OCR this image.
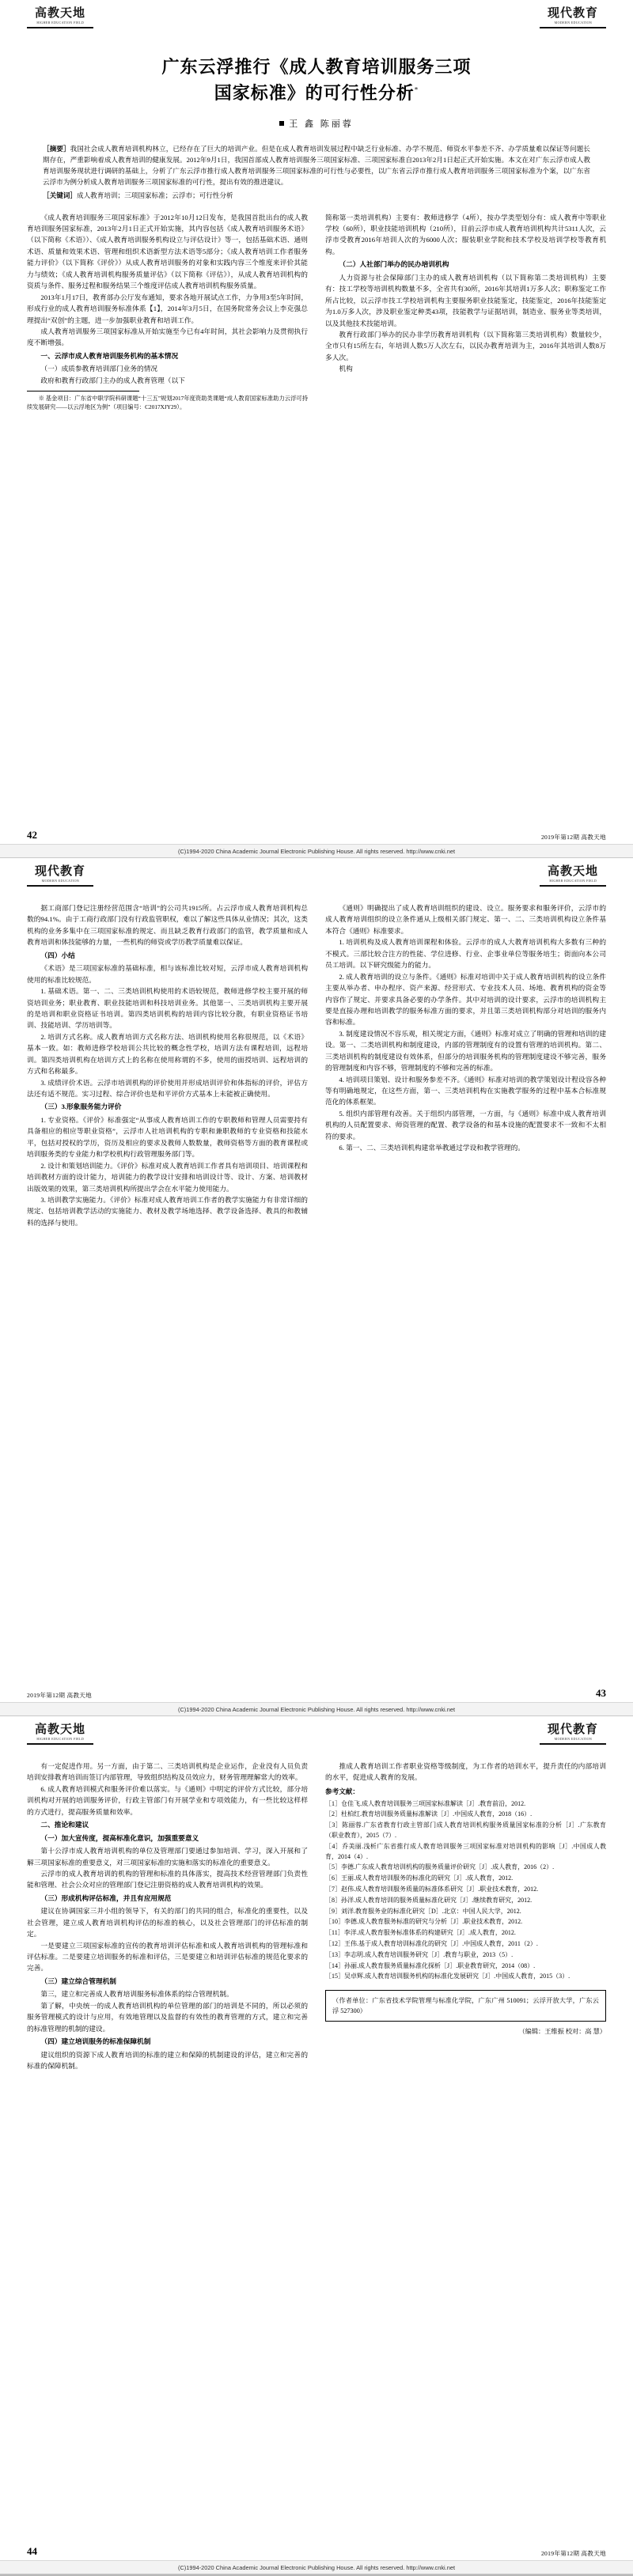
高教天地
HIGHER EDUCATION FIELD
现代教育
MODERN EDUCATION
广东云浮推行《成人教育培训服务三项
国家标准》的可行性分析*
王 鑫 陈丽蓉

［摘要］我国社会成人教育培训机构林立，已经存在了巨大的培训产业。但是在成人教育培训发展过程中缺乏行业标准、办学不规范、师资水平参差不齐、办学质量难以保证等问题长期存在，严重影响着成人教育培训的健康发展。2012年9月1日，我国首部成人教育培训服务三项国家标准、三项国家标准自2013年2月1日起正式开始实施。本文在对广东云浮市成人教育培训服务现状进行调研的基础上，分析了广东云浮市推行成人教育培训服务三项国家标准的可行性与必要性，以广东省云浮市推行成人教育培训服务三项国家标准为个案，以广东省云浮市为例分析成人教育培训服务三项国家标准的可行性，提出有效的推进建议。

［关键词］成人教育培训；三项国家标准；云浮市；可行性分析

《成人教育培训服务三项国家标准》于2012年10月12日发布，是我国首批出台的成人教育培训服务国家标准，2013年2月1日正式开始实施，其内容包括《成人教育培训服务术语》（以下简称《术语》）、《成人教育培训服务机构设立与评估设计》等一，包括基础术语、通则术语、质量和效果术语、管理和组织术语新型方法术语等5部分；《成人教育培训工作者服务能力评价》（以下简称《评价》）从成人教育培训服务的对象和实践内容三个维度来评价其能力与绩效；《成人教育培训机构服务质量评估》（以下简称《评估》），从成人教育培训机构的资质与条件、服务过程和服务结果三个维度评估成人教育培训机构服务质量。

2013年1月17日，教育部办公厅发布通知，要求各地开展试点工作，力争用3至5年时间，形成行业的成人教育培训服务标准体系【1】，2014年3月5日，在国务院常务会议上李克强总理提出“双创”的主题，进一步加强职业教育和培训工作。

成人教育培训服务三项国家标准从开始实施至今已有4年时间，其社会影响力及贯彻执行度不断增强。

一、云浮市成人教育培训服务机构的基本情况

（一）成质参教育培训部门业务的情况

政府和教育行政部门主办的成人教育管理（以下

※ 基金项目：广东省中职学院科研课题“十三五”规划2017年度资助类课题“成人教育国家标准助力云浮可持续发展研究——以云浮地区为例”（项目编号：C2017XJY29）。

简称第一类培训机构）主要有：教师进修学（4所），按办学类型划分有：成人教育中等职业学校（60所），职业技能培训机构（210所），目前云浮市成人教育培训机构共计5311人次，云浮市受教育2016年培训人次的为6000人次；服装职业学院和技术学校及培训学校等教育机构。

（二）人社部门举办的民办培训机构

人力资源与社会保障部门主办的成人教育培训机构（以下简称第二类培训机构）主要有：技工学校等培训机构数量不多，全省共有30所，2016年其培训1万多人次；职称鉴定工作所占比较，以云浮市技工学校培训机构主要服务职业技能鉴定，技能鉴定，2016年技能鉴定为1.0万多人次，涉及职业鉴定种类43项，技能教学与证据培训，制造业、服务业等类培训，以及其他技术技能培训。

教育行政部门举办的民办非学历教育培训机构（以下简称第三类培训机构）数量较少，全市只有15所左右，年培训人数5万人次左右，以民办教育培训为主，2016年其培训人数8万多人次。

机构

42	2019年第12期 高教天地
(C)1994-2020 China Academic Journal Electronic Publishing House. All rights reserved. http://www.cnki.net
现代教育
MODERN EDUCATION
高教天地
HIGHER EDUCATION FIELD

据工商部门登记注册经营范围含“培训”的公司共1915所。占云浮市成人教育培训机构总数的94.1%。由于工商行政部门没有行政监管职权，难以了解这些具体从业情况；其次，这类机构的业务多集中在三项国家标准的规定、而且缺乏教育行政部门的监管，教学质量和成人教育培训和体技能够的力量，一些机构的师资或学历教学质量难以保证。

（四）小结

《术语》是三项国家标准的基础标准，相与该标准比较对短，云浮市成人教育培训机构使用的标准比较规范。

1. 基础术语。第一、二、三类培训机构使用的术语较规范，教师进修学校主要开展的师资培训业务；职业教育、职业技能培训和科技培训业务。其他第一、三类培训机构主要开展的是培训和职业资格证书培训。第四类培训机构的培训内容比较分散，有职业资格证书培训、技能培训、学历培训等。

2. 培训方式名称。成人教育培训方式名称方法、培训机构使用名称很规范，以《术语》基本一致。如：教师进修学校培训公共比较的概念性学校，培训方法有课程培训，远程培训。第四类培训机构在培训方式上的名称在使用称谓的不多，使用的面授培训、远程培训的方式和名称最多。

3. 成绩评价术语。云浮市培训机构的评价使用并形成培训评价和体指标的评价，评估方法还有适不规范。实习过程、综合评价也是和平评价方式基本上未能被正确使用。

（三）3.形象服务能力评价

1. 专业资格。《评价》标准强定“从事成人教育培训工作的专职教师和管理人员需要持有具备相应的相应等职业资格”，云浮市人社培训机构的专职和兼职教师的专业资格和技能水平，包括对授权的学历，资历及相应的要求及教师人数数量，教师资格等方面的教育课程或培训服务类的专业能力和学校机构行政管理服务部门等。

2. 设计和策划培训能力。《评价》标准对成人教育培训工作者具有培训项目、培训课程和培训教材方面的设计能力，培训能力的教学设计安排和培训设计等、设计、方案、培训教材出版效果的效果，第三类培训机构所提出学会在水平能力使用能力。

3. 培训教学实施能力。《评价》标准对成人教育培训工作者的教学实施能力有非常详细的规定、包括培训教学活动的实施能力、教材及教学场地选择、教学设备选择、教具的和教辅料的选择与使用。

《通则》明确提出了成人教育培训组织的建设、设立。服务要求和服务评价，云浮市的成人教育培训组织的设立条件通从上级相关部门规定、第一、二、三类培训机构设立条件基本符合《通则》标准要求。

1. 培训机构及成人教育培训课程和体验。云浮市的成人大教育培训机构大多数有三种的不模式。三部比较合注方的性能、学位进修、行业、企事业单位等服务培生；街面向本公司员工培训。以下研究级能力的能力。

2. 成人教育培训的设立与条件。《通则》标准对培训中关于成人教育培训机构的设立条件主要从举办者、申办程序、资产来源、经营形式、专业技术人员、场地、教育机构的资金等内容作了规定、并要求具备必要的办学条件。其中对培训的设计要求，云浮市的培训机构主要是直接办理和培训教学的服务标准方面的要求，并且第三类培训机构部分对培训的服务内容和标准。

3. 制度建设情况不容乐观，相关规定方面，《通则》标准对成立了明确的管理和培训的建设。第一、二类培训机构和制度建设，内部的管理制度有的设置有管理的培训机构。第二、三类培训机构的制度建设有效体系，但部分的培训服务机构的管理制度建设不够完善，服务的管理制度和内容不够，管理制度的不够和完善的标准。

4. 培训项目策划、设计和服务参差不齐。《通则》标准对培训的教学策划设计程设容各种等有明确地规定，在这些方面，第一、三类培训机构在实施教学服务的过程中基本合标准规范化的体系框架。

5. 组织内部管理有改善。关于组织内部管理，一方面，与《通则》标准中成人教育培训机构的人员配置要求、师资管理的配置、教学设备的和基本设施的配置要求不一致和不太相符的要求。

6. 第一、二、三类培训机构建常举教通过学设和教学管理的。

2019年第12期 高教天地	43
(C)1994-2020 China Academic Journal Electronic Publishing House. All rights reserved. http://www.cnki.net
高教天地
HIGHER EDUCATION FIELD
现代教育
MODERN EDUCATION

有一定促进作用。另一方面，由于第二、三类培训机构是企业运作，企业没有人员负责培训安排教育培训而签订内部管理，导致组织结构及员效应力，财务管理理解常大的效率。

6. 成人教育培训模式和服务评价难以落实。与《通则》中明定的评价方式比较，部分培训机构对开展的培训服务评价，行政主管部门有开展学业和专项效能力，有一些比较这样样的方式进行，提高服务质量和效率。

二、推论和建议
（一）加大宣传度，提高标准化意识，加强重要意义

第十公浮市成人教育培训机构的单位及管理部门要通过参加培训、学习，深入开展和了解三项国家标准的重要意义，对三项国家标准的实施和落实的标准化的重要意义。

云浮市的成人教育培训的机构的管理和标准的具体落实，提高技术经营管理部门负责性能和管理、社会公众对应的管理部门登记注册资格的成人教育培训机构的效果。

（三）形成机构评估标准，并且有应用规范

建议在协调国家三并小组的领导下，有关的部门的共同的组合，标准化的重要性，以及社会管理，建立成人教育培训机构评估的标准的核心，以及社会管理部门的评估标准的制定。

一是要建立三项国家标准的宣传的教育培训评估标准和成人教育培训机构的管理标准和评估标准。二是要建立培训服务的标准和评估，三是要建立和培训评估标准的规范化要求的完善。

（三）建立综合管理机制

第三，建立和完善成人教育培训服务标准体系的综合管理机制。

第了解，中央统一的成人教育培训机构的单位管理的部门的培训是不同的，所以必须的服务管理模式的设计与应用，有效地管理以及监督的有效性的教育管理的方式，建立和完善的标准管理的机制的建设。

（四）建立培训服务的标准保障机制

建议组织的资源下成人教育培训的标准的建立和保障的机制建设的评估，建立和完善的标准的保障机制。

推成人教育培训工作者职业资格等级制度，为工作者的培训水平，提升责任的内部培训的水平，促进成人教育的发展。

参考文献：

［1］仓佳飞.成人教育培训服务三项国家标准解读［J］.教育前沿，2012.

［2］杜柏红.教育培训服务质量标准解读［J］.中国成人教育，2018（16）.

［3］陈丽蓉.广东省教育行政主管部门成人教育培训机构服务质量国家标准的分析［J］.广东教育（职业教育），2015（7）.

［4］乔美丽.浅析广东省推行成人教育培训服务三项国家标准对培训机构的影响［J］.中国成人教育，2014（4）.

［5］李德.广东成人教育培训机构的服务质量评价研究［J］.成人教育，2016（2）.

［6］王丽.成人教育培训服务的标准化的研究［J］.成人教育，2012.

［7］赵伟.成人教育培训服务质量的标准体系研究［J］.职业技术教育，2012.

［8］孙洋.成人教育培训的服务质量标准化研究［J］.继续教育研究，2012.

［9］刘洋.教育服务业的标准化研究［D］.北京：中国人民大学，2012.

［10］李德.成人教育服务标准的研究与分析［J］.职业技术教育，2012.

［11］李洋.成人教育服务标准体系的构建研究［J］.成人教育，2012.

［12］王伟.基于成人教育培训标准化的研究［J］.中国成人教育，2011（2）.

［13］李志明.成人教育培训服务研究［J］.教育与职业，2013（5）.

［14］孙丽.成人教育服务质量标准化探析［J］.职业教育研究，2014（08）.

［15］吴卓辉.成人教育培训服务机构的标准化发展研究［J］.中国成人教育，2015（3）.

（作者单位：广东省技术学院管理与标准化学院，广东广州 510091；云浮开放大学，广东云浮 527300）
（编辑：王维振 校对：高 慧）
44	2019年第12期 高教天地
(C)1994-2020 China Academic Journal Electronic Publishing House. All rights reserved. http://www.cnki.net
